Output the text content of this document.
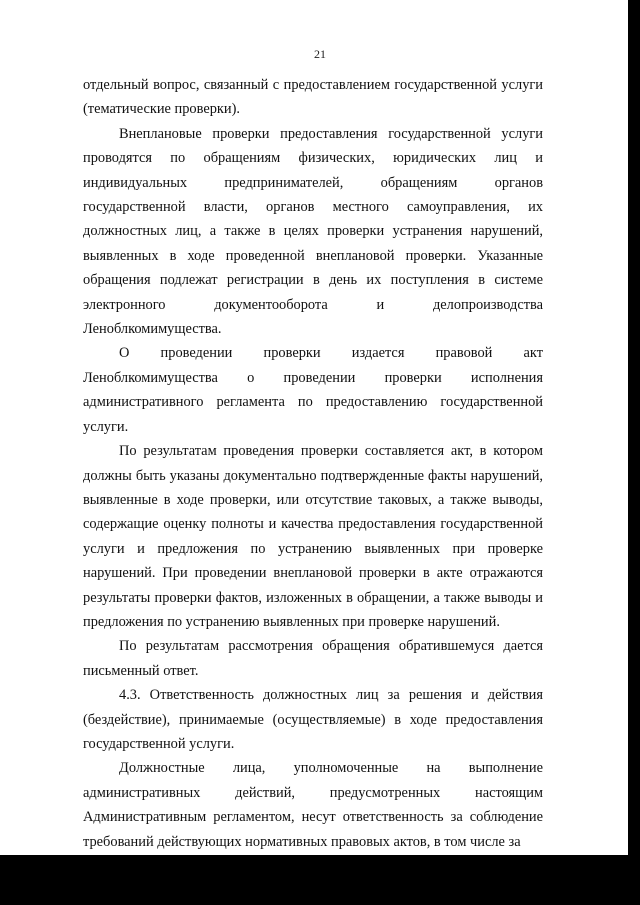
21

отдельный вопрос, связанный с предоставлением государственной услуги (тематические проверки).

Внеплановые проверки предоставления государственной услуги проводятся по обращениям физических, юридических лиц и индивидуальных предпринимателей, обращениям органов государственной власти, органов местного самоуправления, их должностных лиц, а также в целях проверки устранения нарушений, выявленных в ходе проведенной внеплановой проверки. Указанные обращения подлежат регистрации в день их поступления в системе электронного документооборота и делопроизводства Леноблкомимущества.

О проведении проверки издается правовой акт Леноблкомимущества о проведении проверки исполнения административного регламента по предоставлению государственной услуги.

По результатам проведения проверки составляется акт, в котором должны быть указаны документально подтвержденные факты нарушений, выявленные в ходе проверки, или отсутствие таковых, а также выводы, содержащие оценку полноты и качества предоставления государственной услуги и предложения по устранению выявленных при проверке нарушений. При проведении внеплановой проверки в акте отражаются результаты проверки фактов, изложенных в обращении, а также выводы и предложения по устранению выявленных при проверке нарушений.

По результатам рассмотрения обращения обратившемуся дается письменный ответ.

4.3. Ответственность должностных лиц за решения и действия (бездействие), принимаемые (осуществляемые) в ходе предоставления государственной услуги.

Должностные лица, уполномоченные на выполнение административных действий, предусмотренных настоящим Административным регламентом, несут ответственность за соблюдение требований действующих нормативных правовых актов, в том числе за
